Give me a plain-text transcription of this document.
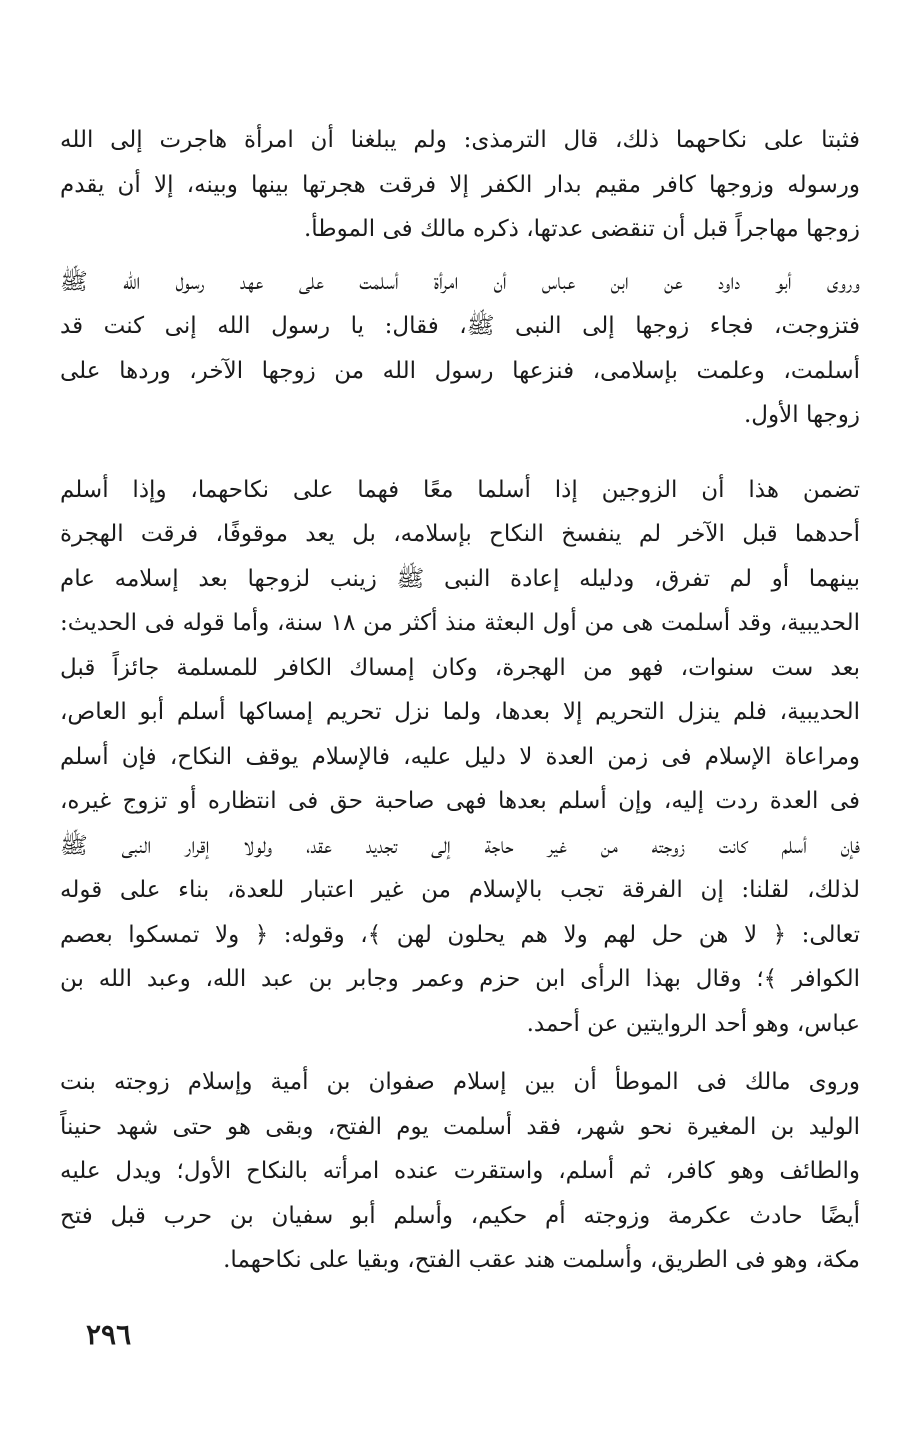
فثبتا على نكاحهما ذلك، قال الترمذى: ولم يبلغنا أن امرأة هاجرت إلى الله
ورسوله وزوجها كافر مقيم بدار الكفر إلا فرقت هجرتها بينها وبينه، إلا أن يقدم
زوجها مهاجراً قبل أن تنقضى عدتها، ذكره مالك فى الموطأ.
وروى أبو داود عن ابن عباس أن امرأة أسلمت على عهد رسول الله ﷺ
فتزوجت، فجاء زوجها إلى النبى ﷺ، فقال: يا رسول الله إنى كنت قد
أسلمت، وعلمت بإسلامى، فنزعها رسول الله من زوجها الآخر، وردها على
زوجها الأول.
تضمن هذا أن الزوجين إذا أسلما معًا فهما على نكاحهما، وإذا أسلم
أحدهما قبل الآخر لم ينفسخ النكاح بإسلامه، بل يعد موقوفًا، فرقت الهجرة
بينهما أو لم تفرق، ودليله إعادة النبى ﷺ زينب لزوجها بعد إسلامه عام
الحديبية، وقد أسلمت هى من أول البعثة منذ أكثر من ١٨ سنة، وأما قوله فى الحديث:
بعد ست سنوات، فهو من الهجرة، وكان إمساك الكافر للمسلمة جائزاً قبل
الحديبية، فلم ينزل التحريم إلا بعدها، ولما نزل تحريم إمساكها أسلم أبو العاص،
ومراعاة الإسلام فى زمن العدة لا دليل عليه، فالإسلام يوقف النكاح، فإن أسلم
فى العدة ردت إليه، وإن أسلم بعدها فهى صاحبة حق فى انتظاره أو تزوج غيره،
فإن أسلم كانت زوجته من غير حاجة إلى تجديد عقد، ولولا إقرار النبى ﷺ
لذلك، لقلنا: إن الفرقة تجب بالإسلام من غير اعتبار للعدة، بناء على قوله
تعالى: ﴿ لا هن حل لهم ولا هم يحلون لهن ﴾، وقوله: ﴿ ولا تمسكوا بعصم
الكوافر ﴾؛ وقال بهذا الرأى ابن حزم وعمر وجابر بن عبد الله، وعبد الله بن
عباس، وهو أحد الروايتين عن أحمد.
وروى مالك فى الموطأ أن بين إسلام صفوان بن أمية وإسلام زوجته بنت
الوليد بن المغيرة نحو شهر، فقد أسلمت يوم الفتح، وبقى هو حتى شهد حنيناً
والطائف وهو كافر، ثم أسلم، واستقرت عنده امرأته بالنكاح الأول؛ ويدل عليه
أيضًا حادث عكرمة وزوجته أم حكيم، وأسلم أبو سفيان بن حرب قبل فتح
مكة، وهو فى الطريق، وأسلمت هند عقب الفتح، وبقيا على نكاحهما.
٢٩٦
